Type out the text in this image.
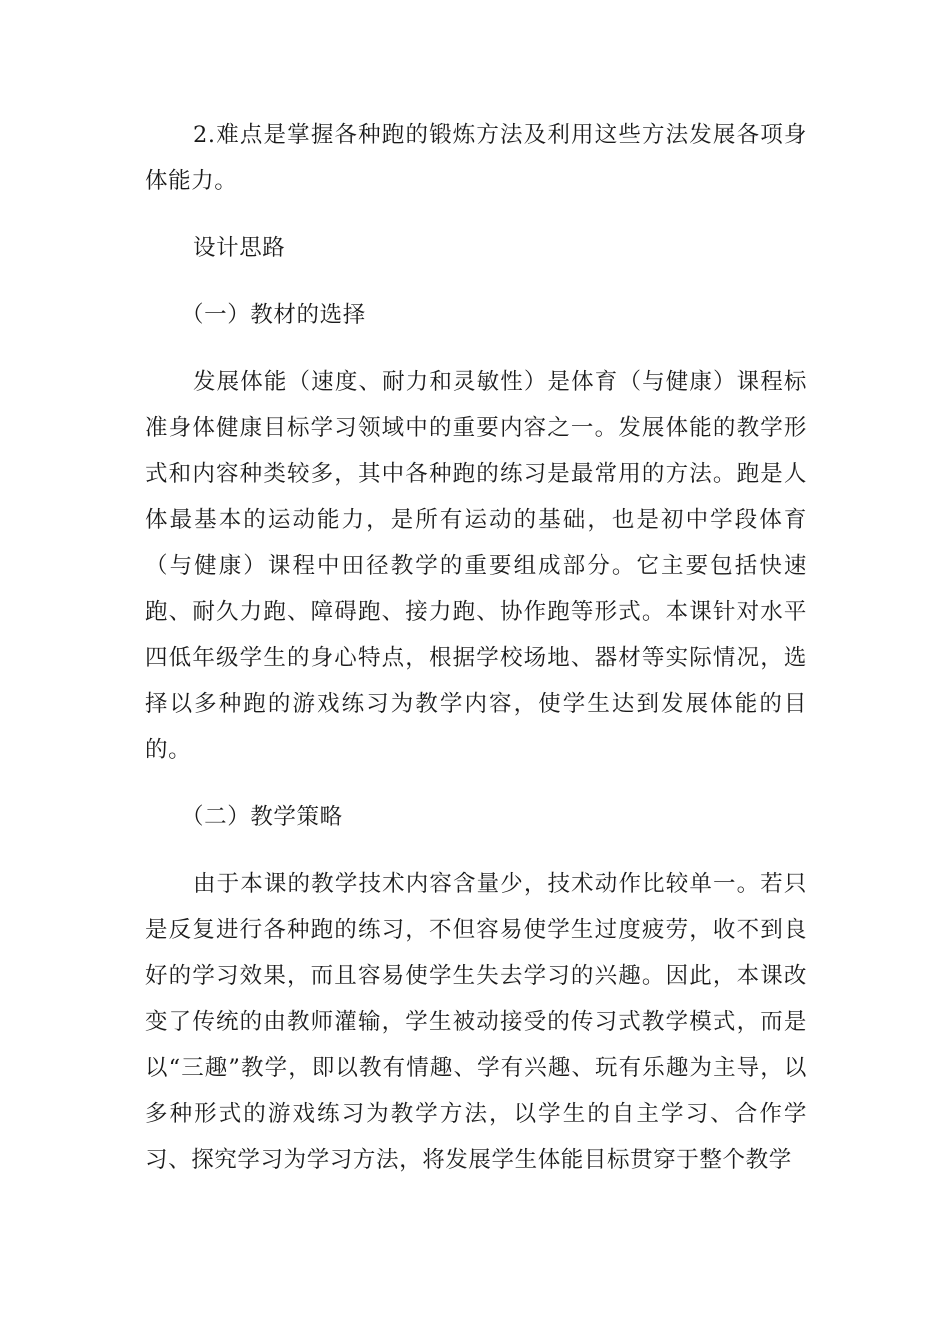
2.难点是掌握各种跑的锻炼方法及利用这些方法发展各项身体能力。

设计思路

（一）教材的选择

发展体能（速度、耐力和灵敏性）是体育（与健康）课程标准身体健康目标学习领域中的重要内容之一。发展体能的教学形式和内容种类较多，其中各种跑的练习是最常用的方法。跑是人体最基本的运动能力，是所有运动的基础，也是初中学段体育（与健康）课程中田径教学的重要组成部分。它主要包括快速跑、耐久力跑、障碍跑、接力跑、协作跑等形式。本课针对水平四低年级学生的身心特点，根据学校场地、器材等实际情况，选择以多种跑的游戏练习为教学内容，使学生达到发展体能的目的。

（二）教学策略

由于本课的教学技术内容含量少，技术动作比较单一。若只是反复进行各种跑的练习，不但容易使学生过度疲劳，收不到良好的学习效果，而且容易使学生失去学习的兴趣。因此，本课改变了传统的由教师灌输，学生被动接受的传习式教学模式，而是以“三趣”教学，即以教有情趣、学有兴趣、玩有乐趣为主导，以多种形式的游戏练习为教学方法，以学生的自主学习、合作学习、探究学习为学习方法，将发展学生体能目标贯穿于整个教学
